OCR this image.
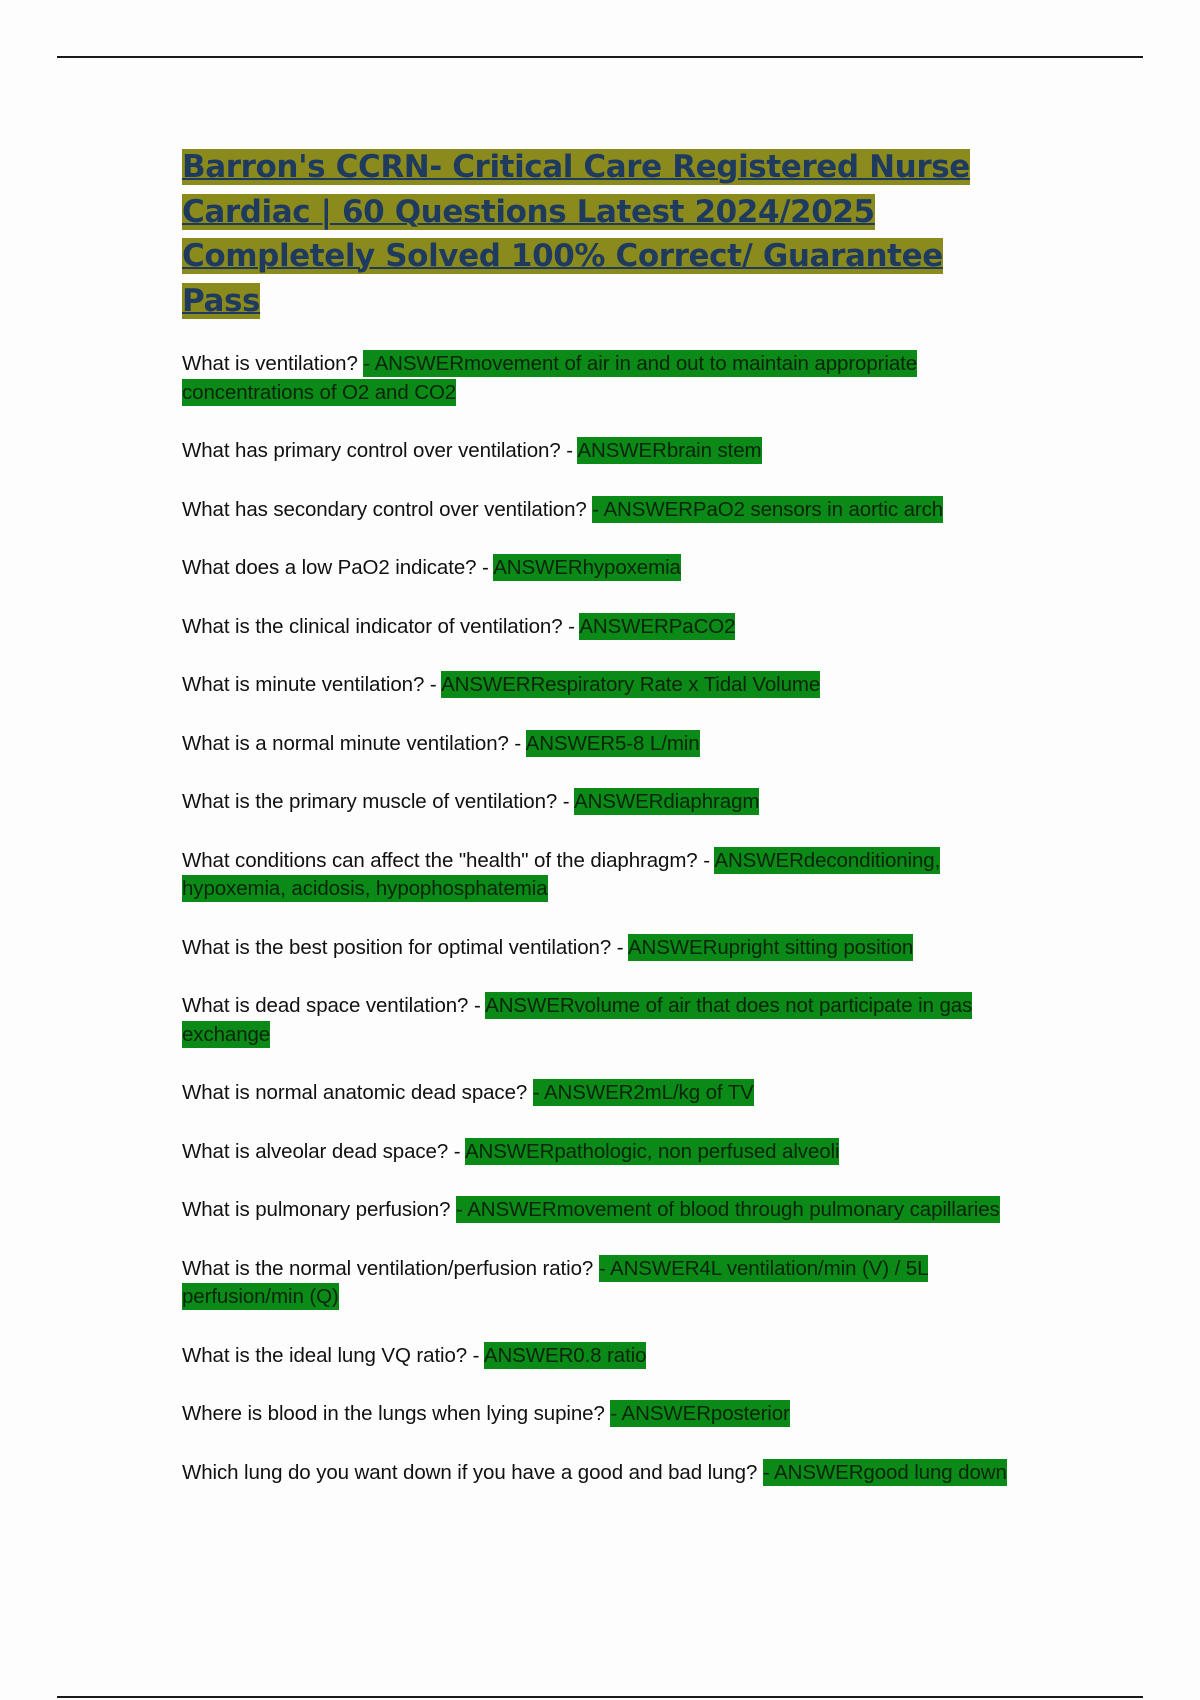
Barron's CCRN- Critical Care Registered Nurse Cardiac | 60 Questions Latest 2024/2025 Completely Solved 100% Correct/ Guarantee Pass

What is ventilation? - ANSWERmovement of air in and out to maintain appropriate concentrations of O2 and CO2

What has primary control over ventilation? - ANSWERbrain stem

What has secondary control over ventilation? - ANSWERPaO2 sensors in aortic arch

What does a low PaO2 indicate? - ANSWERhypoxemia

What is the clinical indicator of ventilation? - ANSWERPaCO2

What is minute ventilation? - ANSWERRespiratory Rate x Tidal Volume

What is a normal minute ventilation? - ANSWER5-8 L/min

What is the primary muscle of ventilation? - ANSWERdiaphragm

What conditions can affect the "health" of the diaphragm? - ANSWERdeconditioning, hypoxemia, acidosis, hypophosphatemia

What is the best position for optimal ventilation? - ANSWERupright sitting position

What is dead space ventilation? - ANSWERvolume of air that does not participate in gas exchange

What is normal anatomic dead space? - ANSWER2mL/kg of TV

What is alveolar dead space? - ANSWERpathologic, non perfused alveoli

What is pulmonary perfusion? - ANSWERmovement of blood through pulmonary capillaries

What is the normal ventilation/perfusion ratio? - ANSWER4L ventilation/min (V) / 5L perfusion/min (Q)

What is the ideal lung VQ ratio? - ANSWER0.8 ratio

Where is blood in the lungs when lying supine? - ANSWERposterior

Which lung do you want down if you have a good and bad lung? - ANSWERgood lung down
